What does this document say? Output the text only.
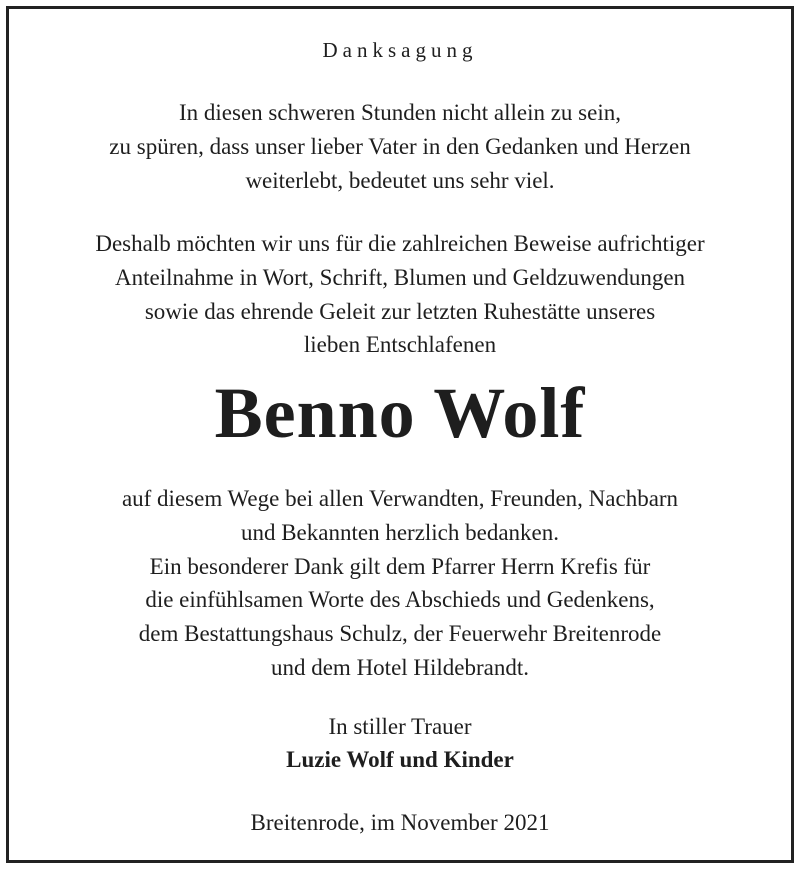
Danksagung
In diesen schweren Stunden nicht allein zu sein,
zu spüren, dass unser lieber Vater in den Gedanken und Herzen
weiterlebt, bedeutet uns sehr viel.
Deshalb möchten wir uns für die zahlreichen Beweise aufrichtiger
Anteilnahme in Wort, Schrift, Blumen und Geldzuwendungen
sowie das ehrende Geleit zur letzten Ruhestätte unseres
lieben Entschlafenen
Benno Wolf
auf diesem Wege bei allen Verwandten, Freunden, Nachbarn
und Bekannten herzlich bedanken.
Ein besonderer Dank gilt dem Pfarrer Herrn Krefis für
die einfühlsamen Worte des Abschieds und Gedenkens,
dem Bestattungshaus Schulz, der Feuerwehr Breitenrode
und dem Hotel Hildebrandt.
In stiller Trauer
Luzie Wolf und Kinder
Breitenrode, im November 2021
